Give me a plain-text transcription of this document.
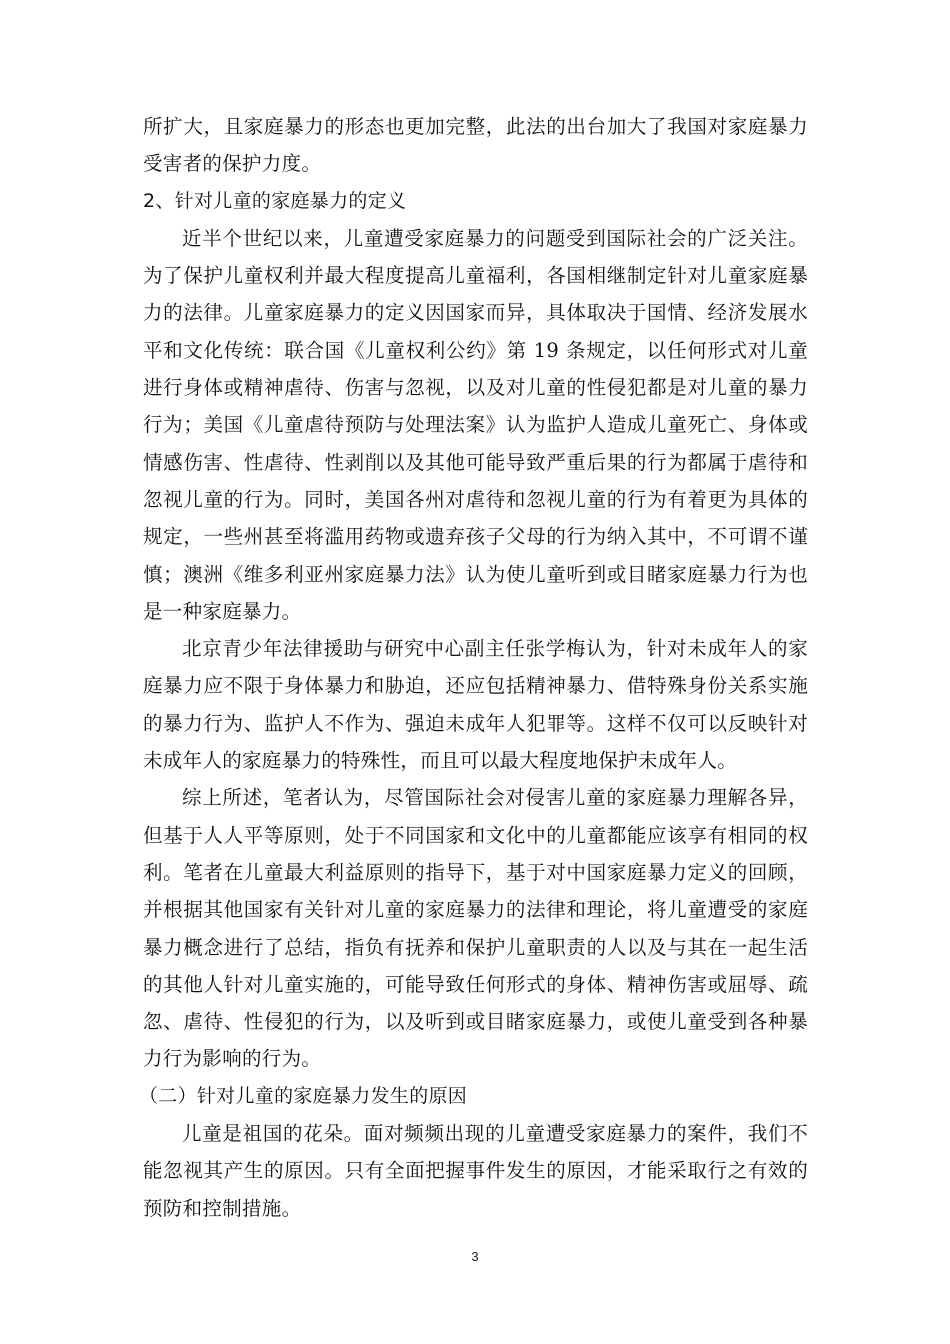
所扩大，且家庭暴力的形态也更加完整，此法的出台加大了我国对家庭暴力受害者的保护力度。

2、针对儿童的家庭暴力的定义

近半个世纪以来，儿童遭受家庭暴力的问题受到国际社会的广泛关注。 为了保护儿童权利并最大程度提高儿童福利，各国相继制定针对儿童家庭暴力的法律。儿童家庭暴力的定义因国家而异，具体取决于国情、经济发展水平和文化传统：联合国《儿童权利公约》第 19 条规定，以任何形式对儿童进行身体或精神虐待、伤害与忽视，以及对儿童的性侵犯都是对儿童的暴力行为；美国《儿童虐待预防与处理法案》认为监护人造成儿童死亡、身体或情感伤害、性虐待、性剥削以及其他可能导致严重后果的行为都属于虐待和忽视儿童的行为。同时，美国各州对虐待和忽视儿童的行为有着更为具体的规定，一些州甚至将滥用药物或遗弃孩子父母的行为纳入其中，不可谓不谨慎；澳洲《维多利亚州家庭暴力法》认为使儿童听到或目睹家庭暴力行为也是一种家庭暴力。

北京青少年法律援助与研究中心副主任张学梅认为，针对未成年人的家庭暴力应不限于身体暴力和胁迫，还应包括精神暴力、借特殊身份关系实施的暴力行为、监护人不作为、强迫未成年人犯罪等。这样不仅可以反映针对未成年人的家庭暴力的特殊性，而且可以最大程度地保护未成年人。

综上所述，笔者认为，尽管国际社会对侵害儿童的家庭暴力理解各异，但基于人人平等原则，处于不同国家和文化中的儿童都能应该享有相同的权利。笔者在儿童最大利益原则的指导下，基于对中国家庭暴力定义的回顾，并根据其他国家有关针对儿童的家庭暴力的法律和理论，将儿童遭受的家庭暴力概念进行了总结，指负有抚养和保护儿童职责的人以及与其在一起生活的其他人针对儿童实施的，可能导致任何形式的身体、精神伤害或屈辱、疏忽、虐待、性侵犯的行为，以及听到或目睹家庭暴力，或使儿童受到各种暴力行为影响的行为。

（二）针对儿童的家庭暴力发生的原因

儿童是祖国的花朵。面对频频出现的儿童遭受家庭暴力的案件，我们不能忽视其产生的原因。只有全面把握事件发生的原因，才能采取行之有效的预防和控制措施。

3
